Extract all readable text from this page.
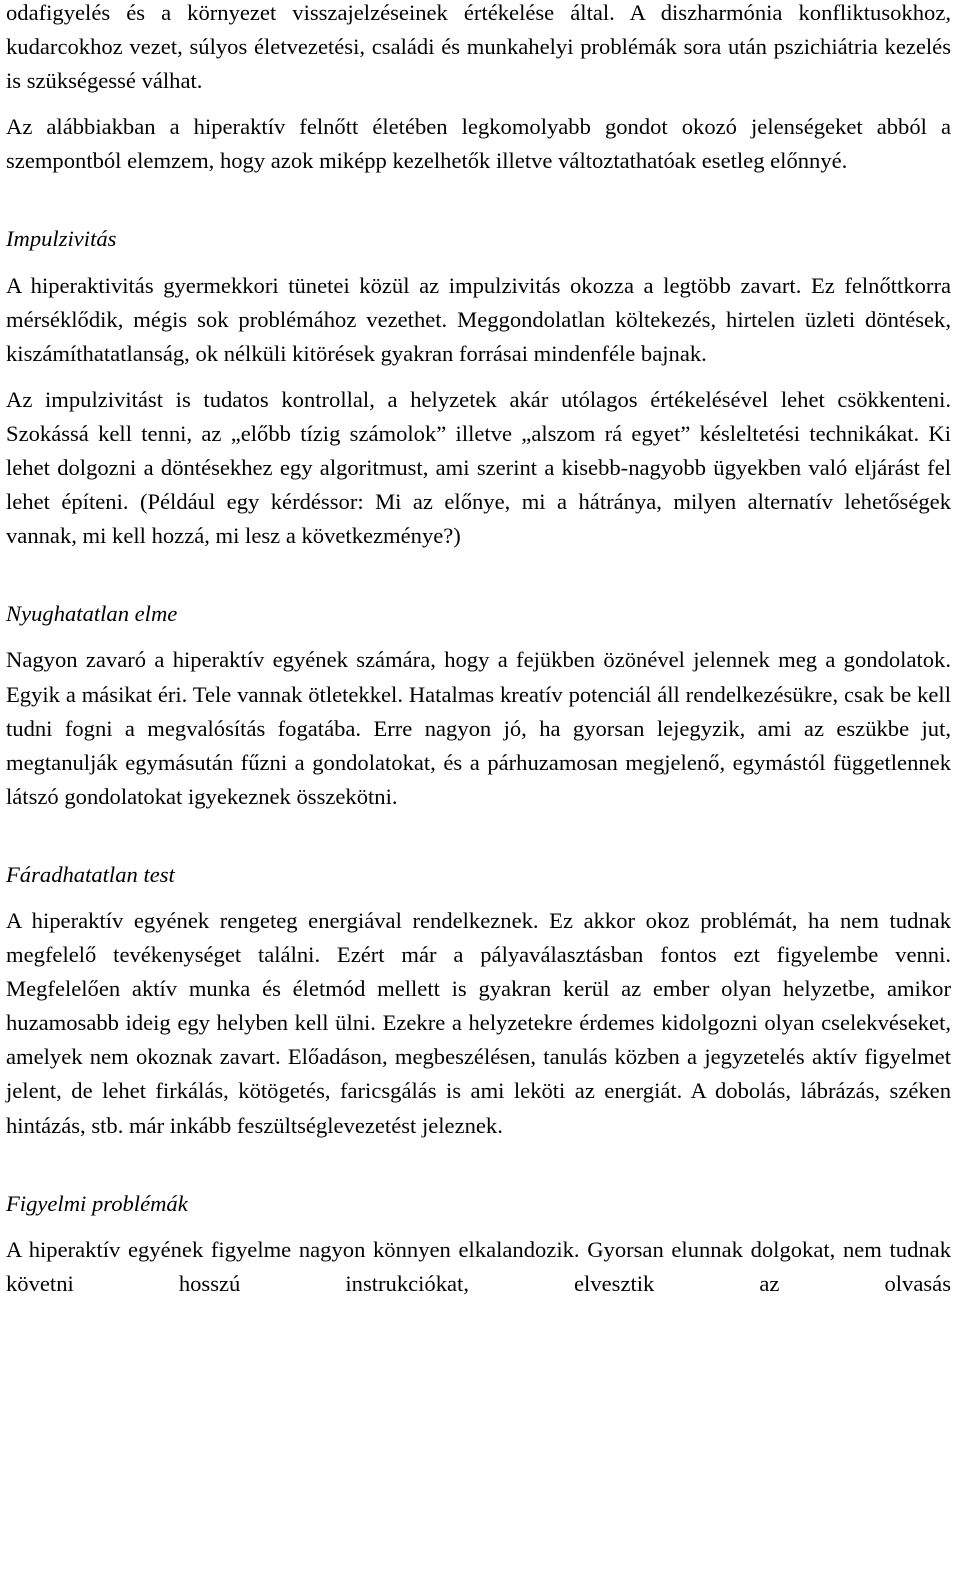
odafigyelés és a környezet visszajelzéseinek értékelése által. A diszharmónia konfliktusokhoz, kudarcokhoz vezet, súlyos életvezetési, családi és munkahelyi problémák sora után pszichiátria kezelés is szükségessé válhat.

Az alábbiakban a hiperaktív felnőtt életében legkomolyabb gondot okozó jelenségeket abból a szempontból elemzem, hogy azok miképp kezelhetők illetve változtathatóak esetleg előnnyé.

Impulzivitás

A hiperaktivitás gyermekkori tünetei közül az impulzivitás okozza a legtöbb zavart. Ez felnőttkorra mérséklődik, mégis sok problémához vezethet. Meggondolatlan költekezés, hirtelen üzleti döntések, kiszámíthatatlanság, ok nélküli kitörések gyakran forrásai mindenféle bajnak.

Az impulzivitást is tudatos kontrollal, a helyzetek akár utólagos értékelésével lehet csökkenteni. Szokássá kell tenni, az „előbb tízig számolok” illetve „alszom rá egyet” késleltetési technikákat. Ki lehet dolgozni a döntésekhez egy algoritmust, ami szerint a kisebb-nagyobb ügyekben való eljárást fel lehet építeni. (Például egy kérdéssor: Mi az előnye, mi a hátránya, milyen alternatív lehetőségek vannak, mi kell hozzá, mi lesz a következménye?)

Nyughatatlan elme

Nagyon zavaró a hiperaktív egyének számára, hogy a fejükben özönével jelennek meg a gondolatok. Egyik a másikat éri. Tele vannak ötletekkel. Hatalmas kreatív potenciál áll rendelkezésükre, csak be kell tudni fogni a megvalósítás fogatába. Erre nagyon jó, ha gyorsan lejegyzik, ami az eszükbe jut, megtanulják egymásután fűzni a gondolatokat, és a párhuzamosan megjelenő, egymástól függetlennek látszó gondolatokat igyekeznek összekötni.

Fáradhatatlan test

A hiperaktív egyének rengeteg energiával rendelkeznek. Ez akkor okoz problémát, ha nem tudnak megfelelő tevékenységet találni. Ezért már a pályaválasztásban fontos ezt figyelembe venni. Megfelelően aktív munka és életmód mellett is gyakran kerül az ember olyan helyzetbe, amikor huzamosabb ideig egy helyben kell ülni. Ezekre a helyzetekre érdemes kidolgozni olyan cselekvéseket, amelyek nem okoznak zavart. Előadáson, megbeszélésen, tanulás közben a jegyzetelés aktív figyelmet jelent, de lehet firkálás, kötögetés, faricsgálás is ami leköti az energiát. A dobolás, lábrázás, széken hintázás, stb. már inkább feszültséglevezetést jeleznek.

Figyelmi problémák

A hiperaktív egyének figyelme nagyon könnyen elkalandozik. Gyorsan elunnak dolgokat, nem tudnak követni hosszú instrukciókat, elvesztik az olvasás
